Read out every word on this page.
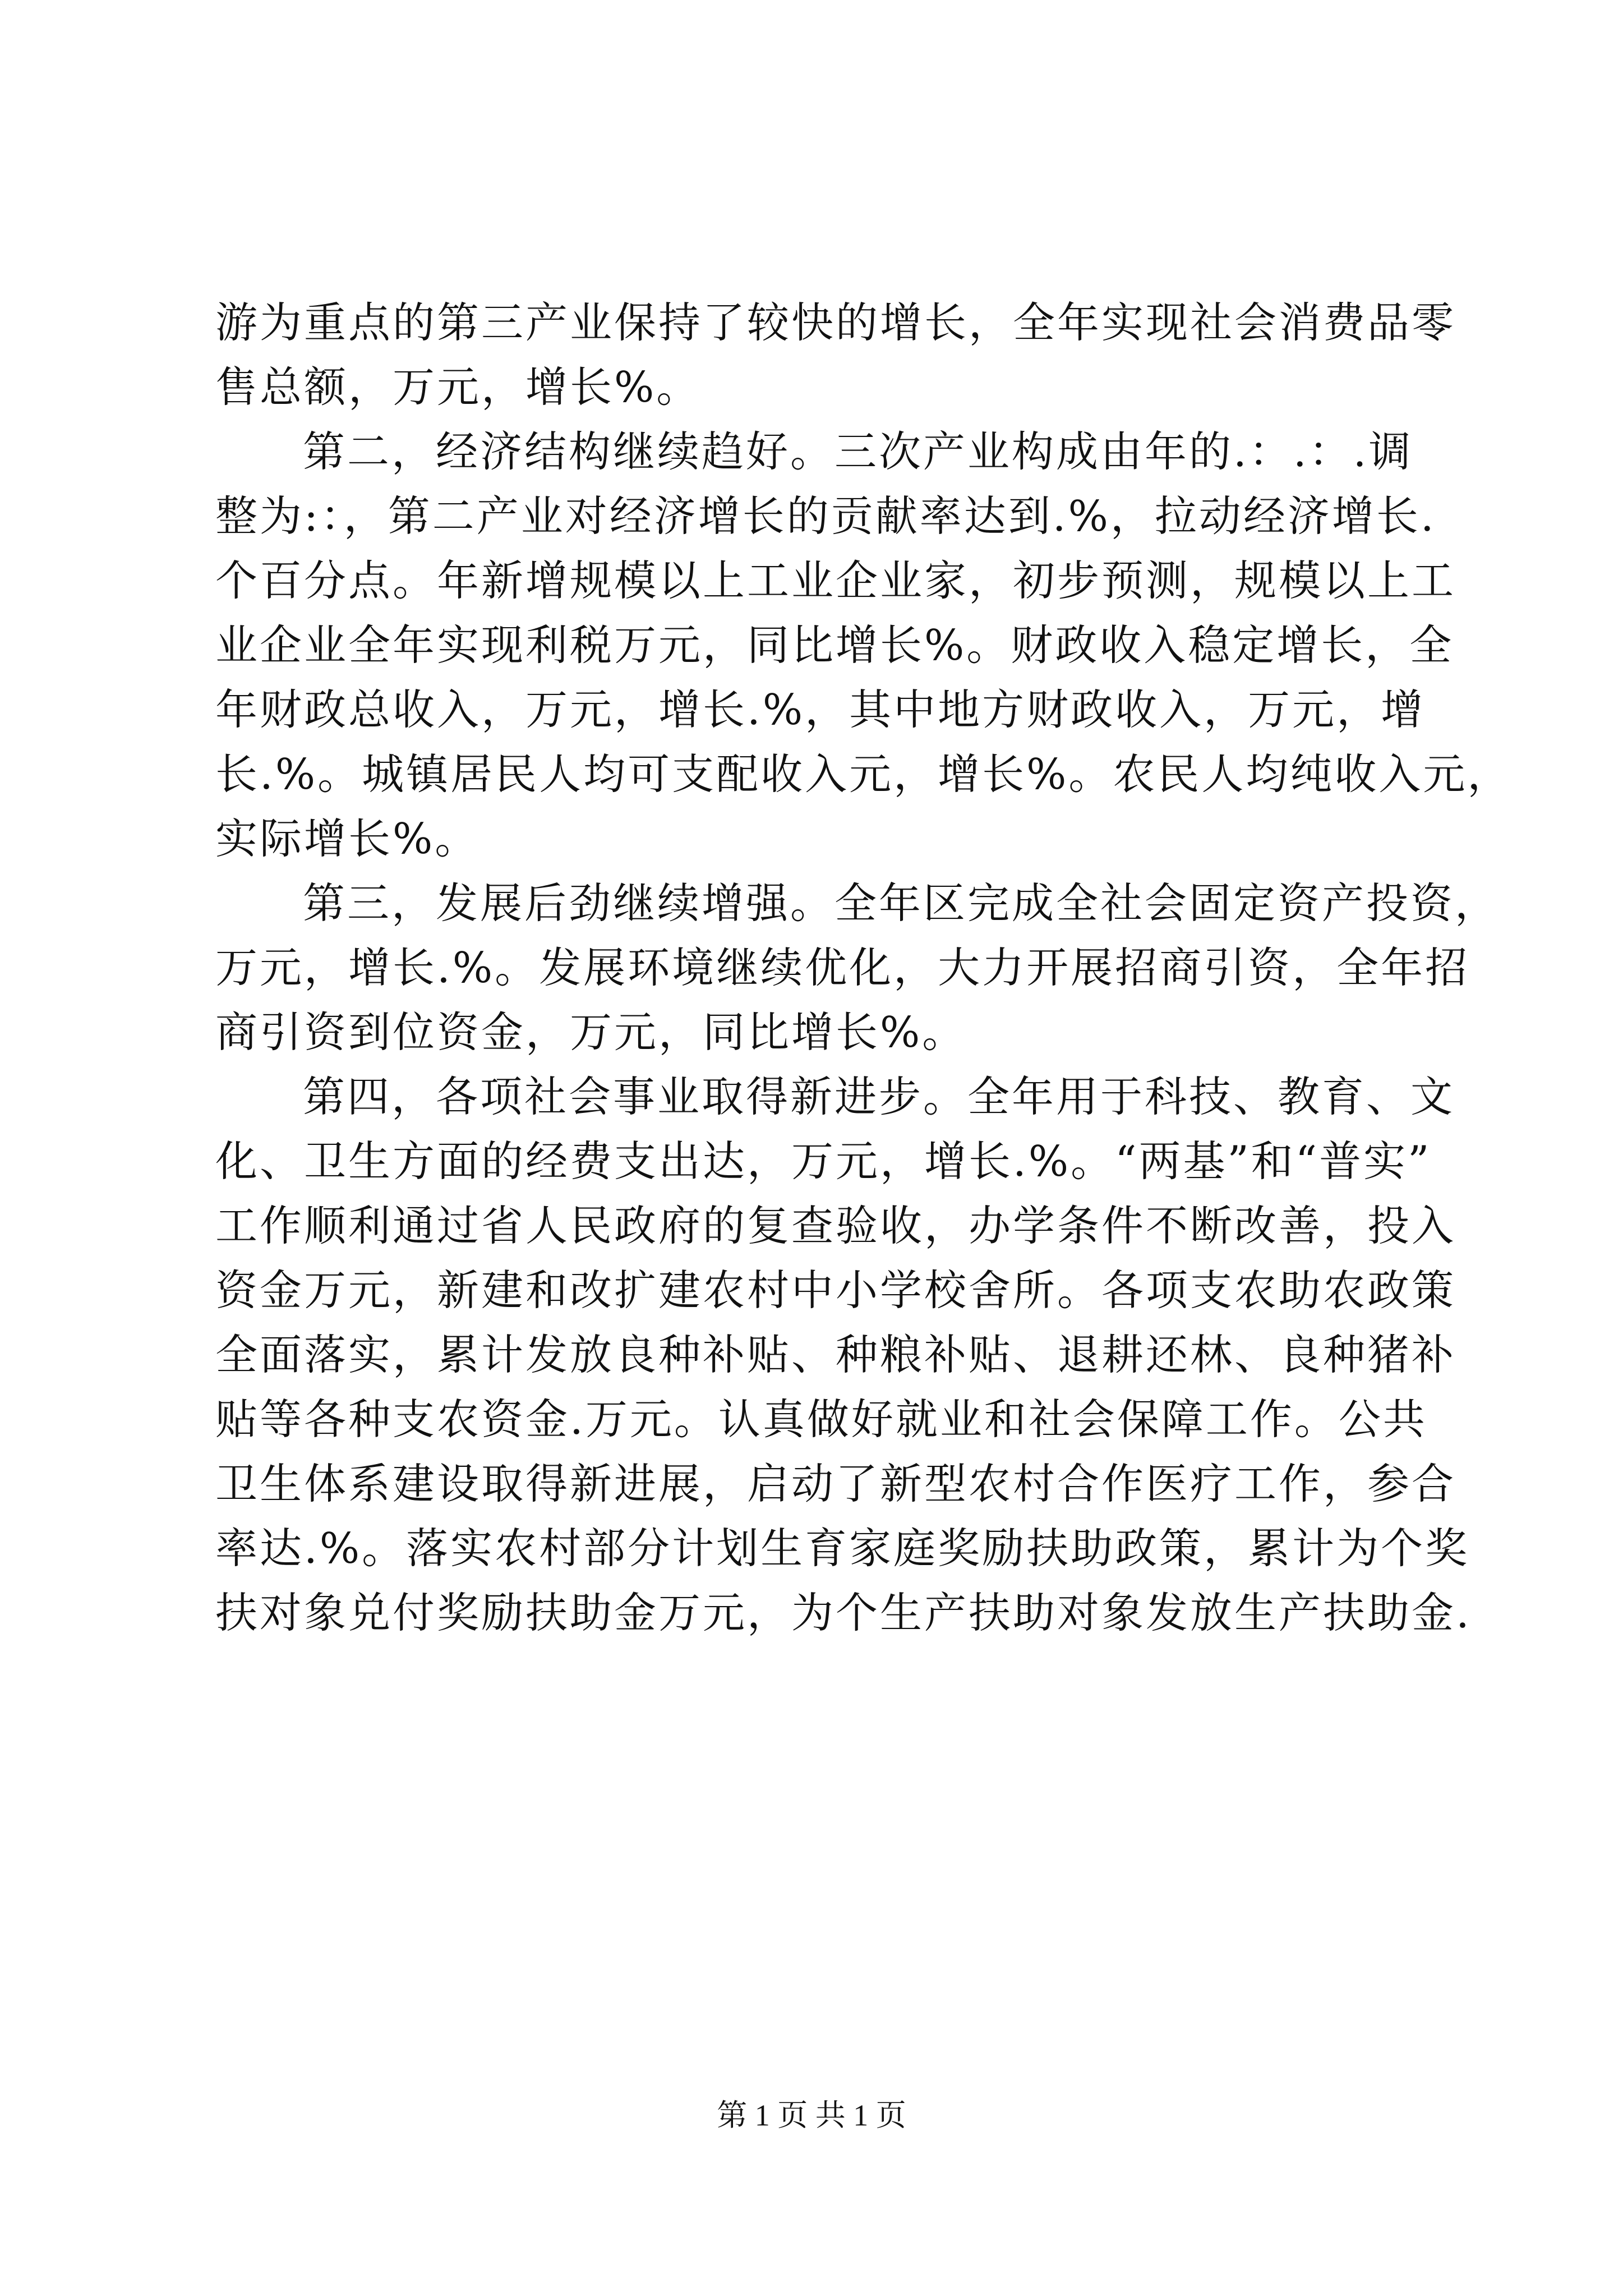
游为重点的第三产业保持了较快的增长，全年实现社会消费品零

售总额，万元，增长%。

第二，经济结构继续趋好。三次产业构成由年的.：.：.调

整为:：，第二产业对经济增长的贡献率达到.%，拉动经济增长.

个百分点。年新增规模以上工业企业家，初步预测，规模以上工

业企业全年实现利税万元，同比增长%。财政收入稳定增长，全

年财政总收入，万元，增长.%，其中地方财政收入，万元，增

长.%。城镇居民人均可支配收入元，增长%。农民人均纯收入元，

实际增长%。

第三，发展后劲继续增强。全年区完成全社会固定资产投资，

万元，增长.%。发展环境继续优化，大力开展招商引资，全年招

商引资到位资金，万元，同比增长%。

第四，各项社会事业取得新进步。全年用于科技、教育、文

化、卫生方面的经费支出达，万元，增长.%。“两基”和“普实”

工作顺利通过省人民政府的复查验收，办学条件不断改善，投入

资金万元，新建和改扩建农村中小学校舍所。各项支农助农政策

全面落实，累计发放良种补贴、种粮补贴、退耕还林、良种猪补

贴等各种支农资金.万元。认真做好就业和社会保障工作。公共

卫生体系建设取得新进展，启动了新型农村合作医疗工作，参合

率达.%。落实农村部分计划生育家庭奖励扶助政策，累计为个奖

扶对象兑付奖励扶助金万元，为个生产扶助对象发放生产扶助金.

第 1 页 共 1 页
